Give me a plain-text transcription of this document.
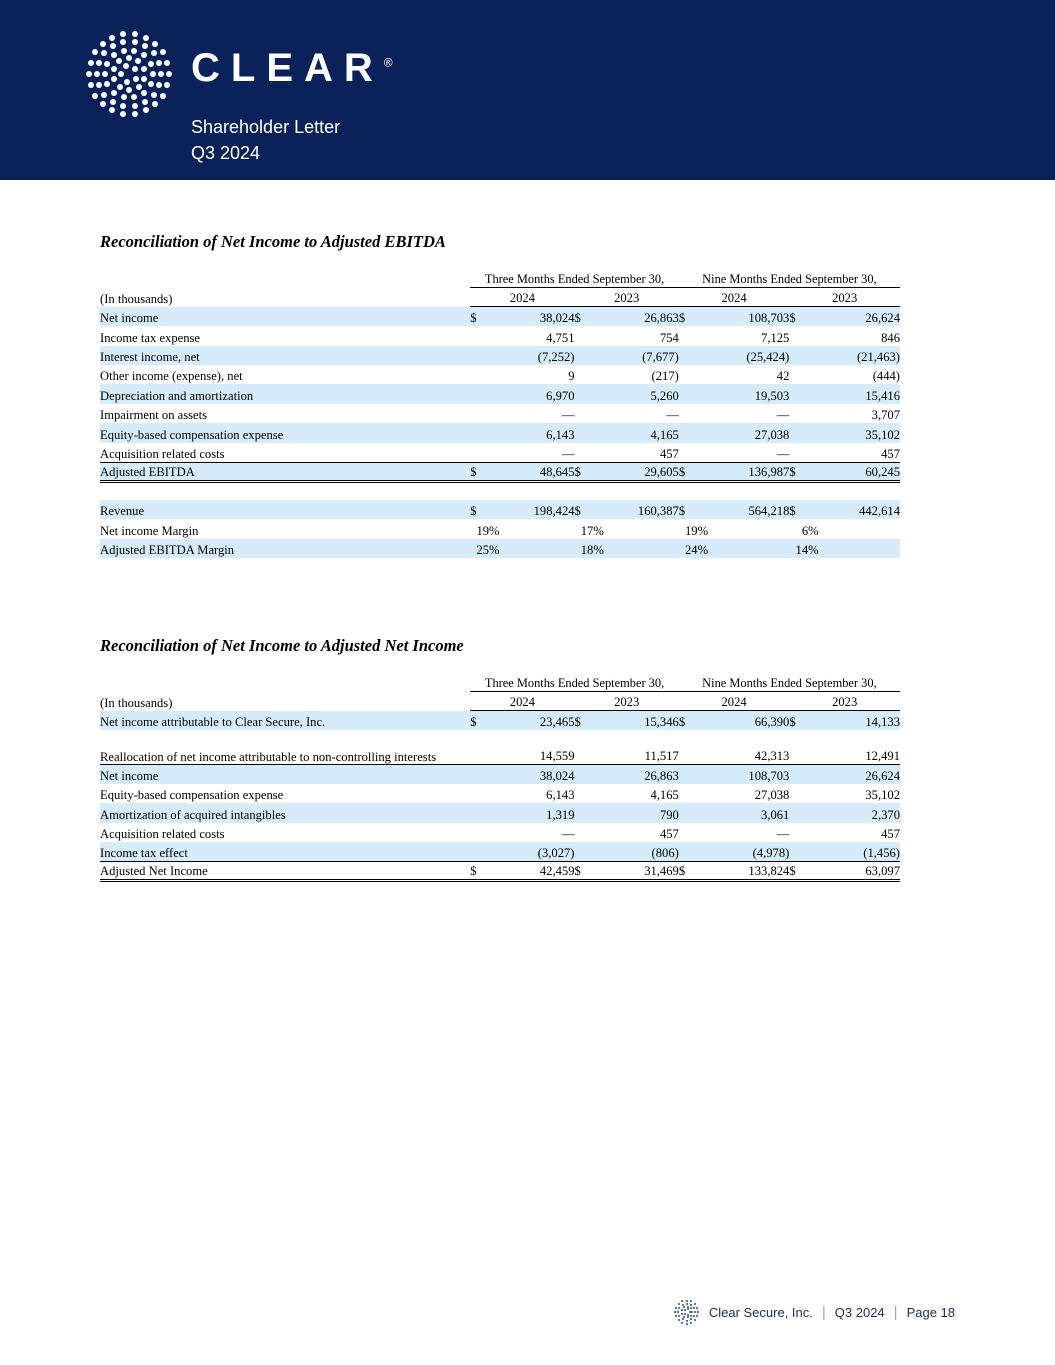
CLEAR®
Shareholder Letter
Q3 2024
Reconciliation of Net Income to Adjusted EBITDA
	Three Months Ended September 30,				Nine Months Ended September 30,			
(In thousands)	2024		2023		2024		2023	
Net income	$	38,024	$	26,863	$	108,703	$	26,624
Income tax expense		4,751		754		7,125		846
Interest income, net		(7,252)		(7,677)		(25,424)		(21,463)
Other income (expense), net		9		(217)		42		(444)
Depreciation and amortization		6,970		5,260		19,503		15,416
Impairment on assets		—		—		—		3,707
Equity-based compensation expense		6,143		4,165		27,038		35,102
Acquisition related costs		—		457		—		457
Adjusted EBITDA	$	48,645	$	29,605	$	136,987	$	60,245

Revenue	$	198,424	$	160,387	$	564,218	$	442,614
Net income Margin	19	%	17	%	19	%	6	%
Adjusted EBITDA Margin	25	%	18	%	24	%	14	%
Reconciliation of Net Income to Adjusted Net Income
	Three Months Ended September 30,				Nine Months Ended September 30,			
(In thousands)	2024		2023		2024		2023	
Net income attributable to Clear Secure, Inc.	$	23,465	$	15,346	$	66,390	$	14,133
Reallocation of net income attributable to non-controlling interests		14,559		11,517		42,313		12,491
Net income		38,024		26,863		108,703		26,624
Equity-based compensation expense		6,143		4,165		27,038		35,102
Amortization of acquired intangibles		1,319		790		3,061		2,370
Acquisition related costs		—		457		—		457
Income tax effect		(3,027)		(806)		(4,978)		(1,456)
Adjusted Net Income	$	42,459	$	31,469	$	133,824	$	63,097
Clear Secure, Inc. | Q3 2024 | Page 18
